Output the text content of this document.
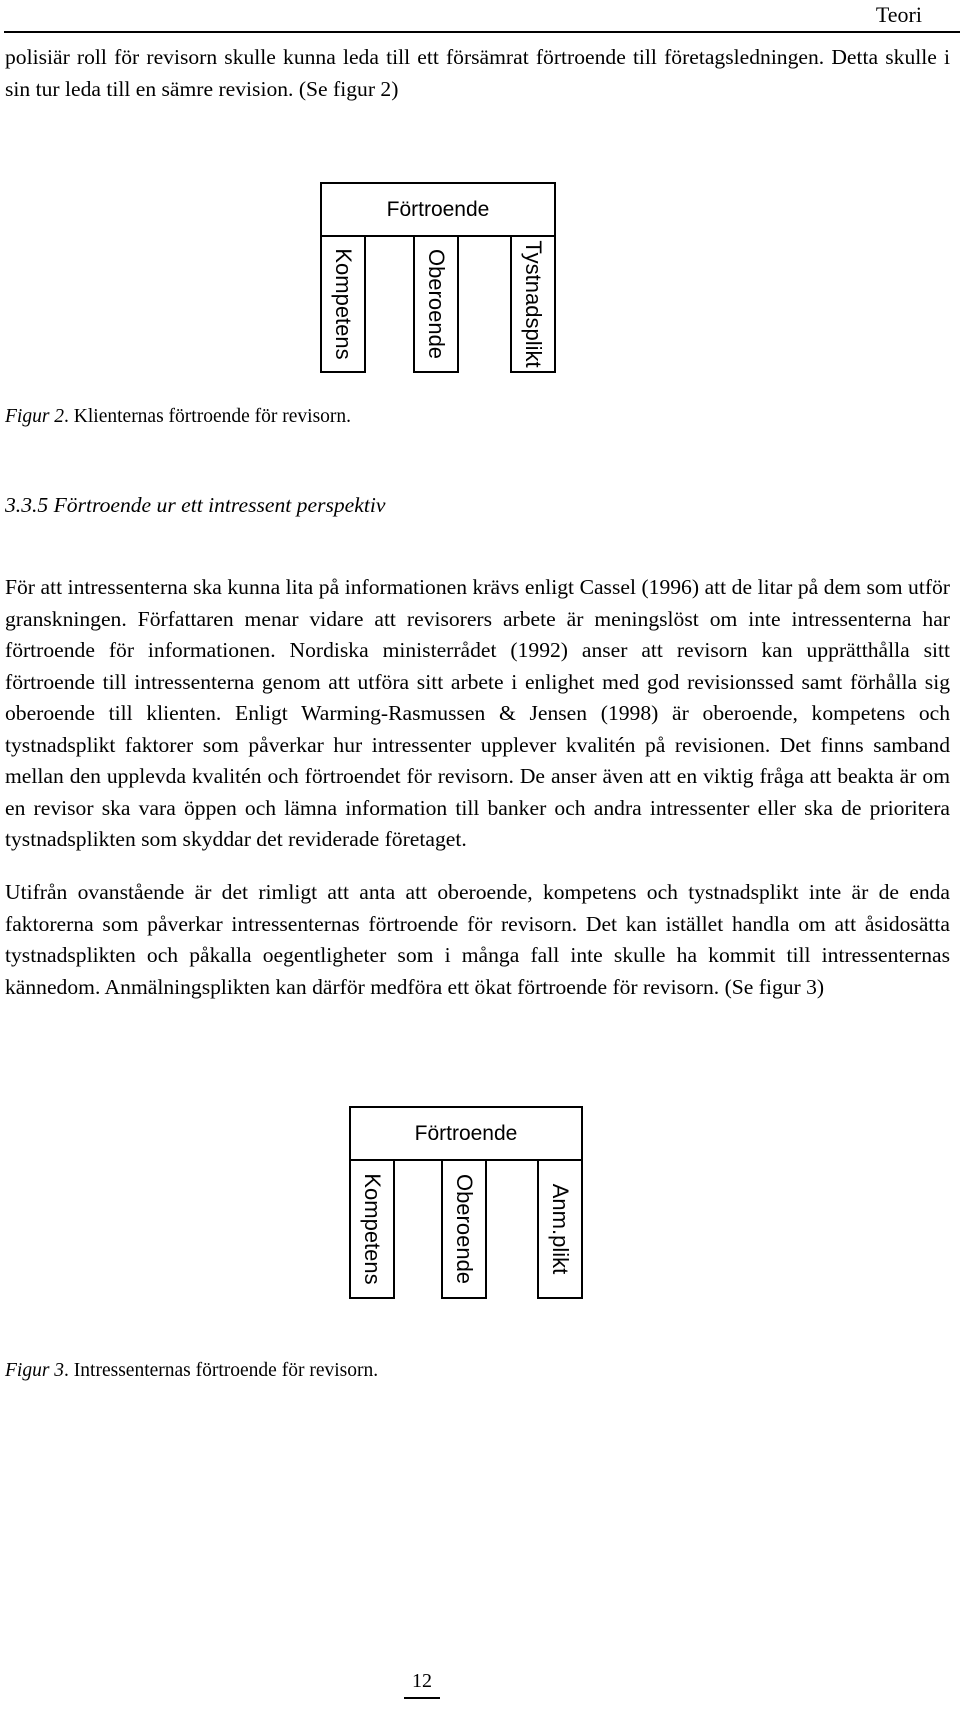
Teori

polisiär roll för revisorn skulle kunna leda till ett försämrat förtroende till företagsledningen. Detta skulle i sin tur leda till en sämre revision. (Se figur 2)

Förtroende
Kompetens	Oberoende	Tystnadsplikt
Figur 2. Klienternas förtroende för revisorn.

3.3.5 Förtroende ur ett intressent perspektiv

För att intressenterna ska kunna lita på informationen krävs enligt Cassel (1996) att de litar på dem som utför granskningen. Författaren menar vidare att revisorers arbete är meningslöst om inte intressenterna har förtroende för informationen. Nordiska ministerrådet (1992) anser att revisorn kan upprätthålla sitt förtroende till intressenterna genom att utföra sitt arbete i enlighet med god revisionssed samt förhålla sig oberoende till klienten. Enligt Warming-Rasmussen & Jensen (1998) är oberoende, kompetens och tystnadsplikt faktorer som påverkar hur intressenter upplever kvalitén på revisionen. Det finns samband mellan den upplevda kvalitén och förtroendet för revisorn. De anser även att en viktig fråga att beakta är om en revisor ska vara öppen och lämna information till banker och andra intressenter eller ska de prioritera tystnadsplikten som skyddar det reviderade företaget.

Utifrån ovanstående är det rimligt att anta att oberoende, kompetens och tystnadsplikt inte är de enda faktorerna som påverkar intressenternas förtroende för revisorn. Det kan istället handla om att åsidosätta tystnadsplikten och påkalla oegentligheter som i många fall inte skulle ha kommit till intressenternas kännedom. Anmälningsplikten kan därför medföra ett ökat förtroende för revisorn. (Se figur 3)

Förtroende
Kompetens	Oberoende	Anm.plikt
Figur 3. Intressenternas förtroende för revisorn.
12
